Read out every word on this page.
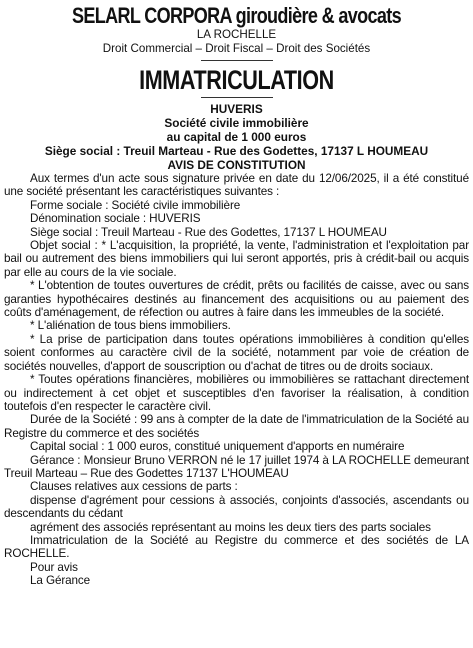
SELARL CORPORA giroudière & avocats
LA ROCHELLE
Droit Commercial – Droit Fiscal – Droit des Sociétés
IMMATRICULATION
HUVERIS
Société civile immobilière
au capital de 1 000 euros
Siège social : Treuil Marteau - Rue des Godettes, 17137 L HOUMEAU
AVIS DE CONSTITUTION

Aux termes d'un acte sous signature privée en date du 12/06/2025, il a été constitué une société présentant les caractéristiques suivantes :

Forme sociale : Société civile immobilière

Dénomination sociale : HUVERIS

Siège social : Treuil Marteau - Rue des Godettes, 17137 L HOUMEAU

Objet social : * L'acquisition, la propriété, la vente, l'administration et l'exploitation par bail ou autrement des biens immobiliers qui lui seront apportés, pris à crédit-bail ou acquis par elle au cours de la vie sociale.

* L'obtention de toutes ouvertures de crédit, prêts ou facilités de caisse, avec ou sans garanties hypothécaires destinés au financement des acquisitions ou au paiement des coûts d'aménagement, de réfection ou autres à faire dans les immeubles de la société.

* L'aliénation de tous biens immobiliers.

* La prise de participation dans toutes opérations immobilières à condition qu'elles soient conformes au caractère civil de la société, notamment par voie de création de sociétés nouvelles, d'apport de souscription ou d'achat de titres ou de droits sociaux.

* Toutes opérations financières, mobilières ou immobilières se rattachant directement ou indirectement à cet objet et susceptibles d'en favoriser la réalisation, à condition toutefois d'en respecter le caractère civil.

Durée de la Société : 99 ans à compter de la date de l'immatriculation de la Société au Registre du commerce et des sociétés

Capital social : 1 000 euros, constitué uniquement d'apports en numéraire

Gérance : Monsieur Bruno VERRON né le 17 juillet 1974 à LA ROCHELLE demeurant Treuil Marteau – Rue des Godettes 17137 L'HOUMEAU

Clauses relatives aux cessions de parts :

dispense d'agrément pour cessions à associés, conjoints d'associés, ascendants ou descendants du cédant

agrément des associés représentant au moins les deux tiers des parts sociales

Immatriculation de la Société au Registre du commerce et des sociétés de LA ROCHELLE.

Pour avis

La Gérance
